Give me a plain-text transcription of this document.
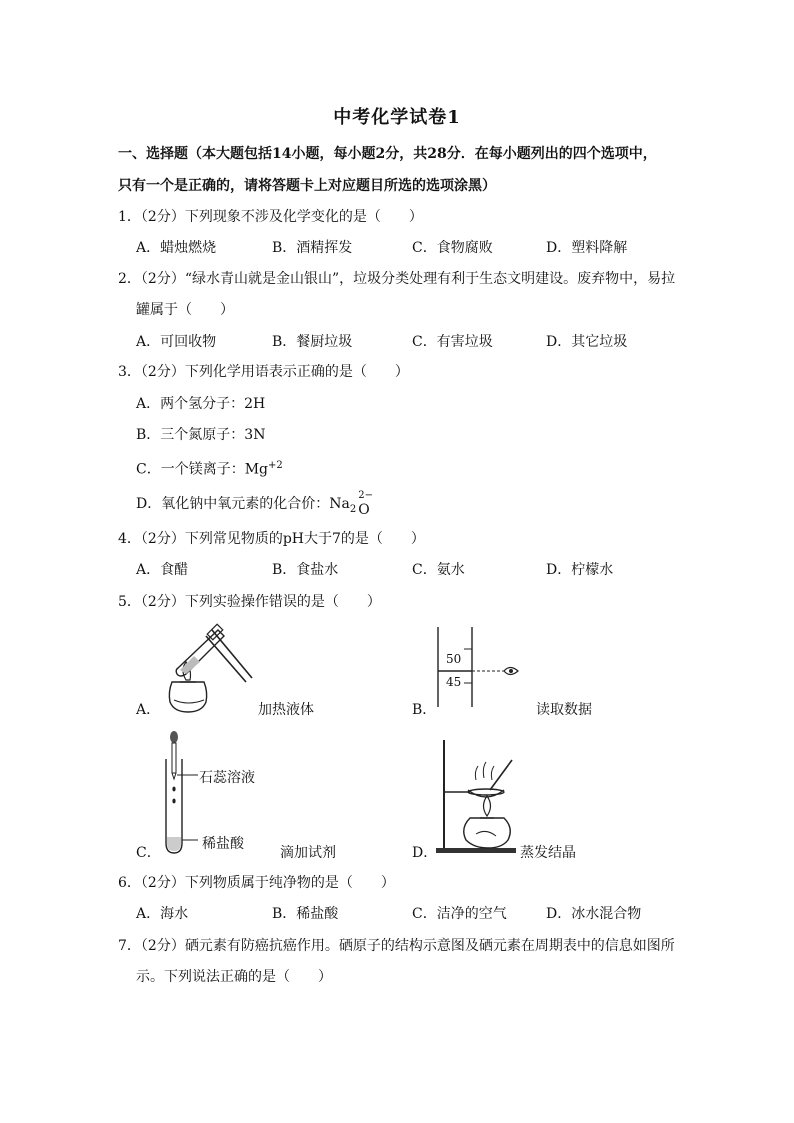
中考化学试卷1
一、选择题（本大题包括14小题，每小题2分，共28分．在每小题列出的四个选项中，
只有一个是正确的，请将答题卡上对应题目所选的选项涂黑）
1．（2分）下列现象不涉及化学变化的是（　　）
A．蜡烛燃烧	B．酒精挥发	C．食物腐败	D．塑料降解
2．（2分）“绿水青山就是金山银山”，垃圾分类处理有利于生态文明建设。废弃物中，易拉
罐属于（　　）
A．可回收物	B．餐厨垃圾	C．有害垃圾	D．其它垃圾
3．（2分）下列化学用语表示正确的是（　　）
A．两个氢分子：2H
B．三个氮原子：3N
C．一个镁离子：$Mg^{+2}$
D．氧化钠中氧元素的化合价：$Na_2$
2−
O
4．（2分）下列常见物质的pH大于7的是（　　）
A．食醋	B．食盐水	C．氨水	D．柠檬水
5．（2分）下列实验操作错误的是（　　）
A．	加热液体
50
45
B．	读取数据
石蕊溶液
稀盐酸
C．	滴加试剂	D．	蒸发结晶
6．（2分）下列物质属于纯净物的是（　　）
A．海水	B．稀盐酸	C．洁净的空气	D．冰水混合物
7．（2分）硒元素有防癌抗癌作用。硒原子的结构示意图及硒元素在周期表中的信息如图所
示。下列说法正确的是（　　）
